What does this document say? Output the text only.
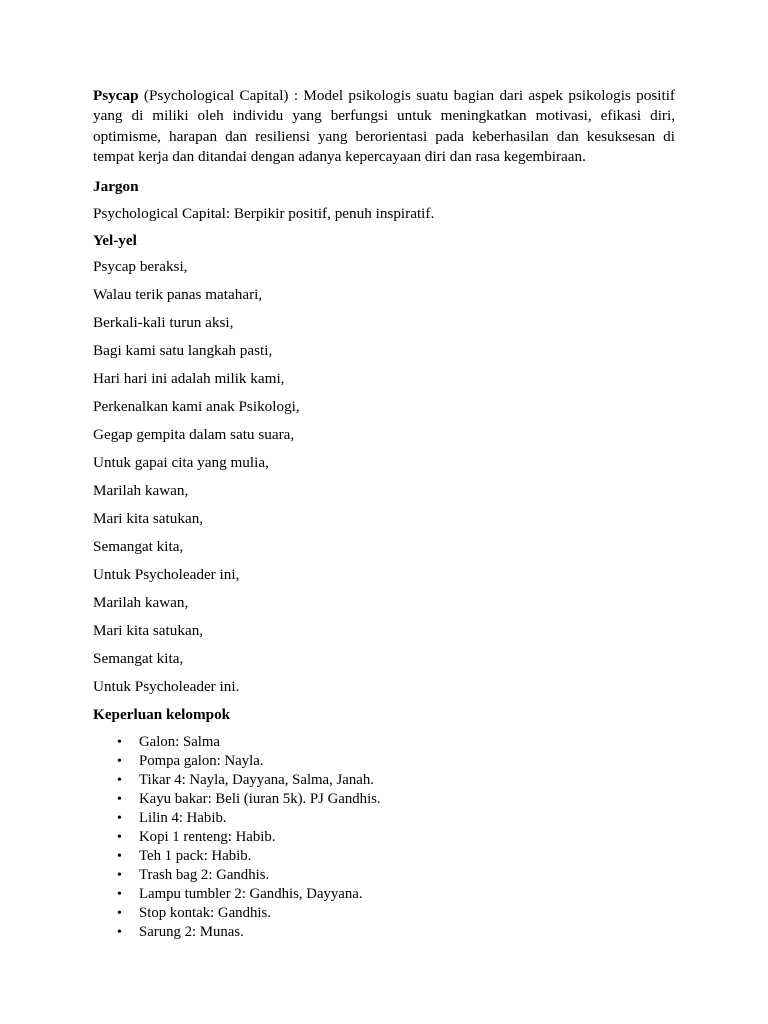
Psycap (Psychological Capital) : Model psikologis suatu bagian dari aspek psikologis positif yang di miliki oleh individu yang berfungsi untuk meningkatkan motivasi, efikasi diri, optimisme, harapan dan resiliensi yang berorientasi pada keberhasilan dan kesuksesan di tempat kerja dan ditandai dengan adanya kepercayaan diri dan rasa kegembiraan.

Jargon

Psychological Capital: Berpikir positif, penuh inspiratif.

Yel-yel

Psycap beraksi,

Walau terik panas matahari,

Berkali-kali turun aksi,

Bagi kami satu langkah pasti,

Hari hari ini adalah milik kami,

Perkenalkan kami anak Psikologi,

Gegap gempita dalam satu suara,

Untuk gapai cita yang mulia,

Marilah kawan,

Mari kita satukan,

Semangat kita,

Untuk Psycholeader ini,

Marilah kawan,

Mari kita satukan,

Semangat kita,

Untuk Psycholeader ini.

Keperluan kelompok
• Galon: Salma
• Pompa galon: Nayla.
• Tikar 4: Nayla, Dayyana, Salma, Janah.
• Kayu bakar: Beli (iuran 5k). PJ Gandhis.
• Lilin 4: Habib.
• Kopi 1 renteng: Habib.
• Teh 1 pack: Habib.
• Trash bag 2: Gandhis.
• Lampu tumbler 2: Gandhis, Dayyana.
• Stop kontak: Gandhis.
• Sarung 2: Munas.
